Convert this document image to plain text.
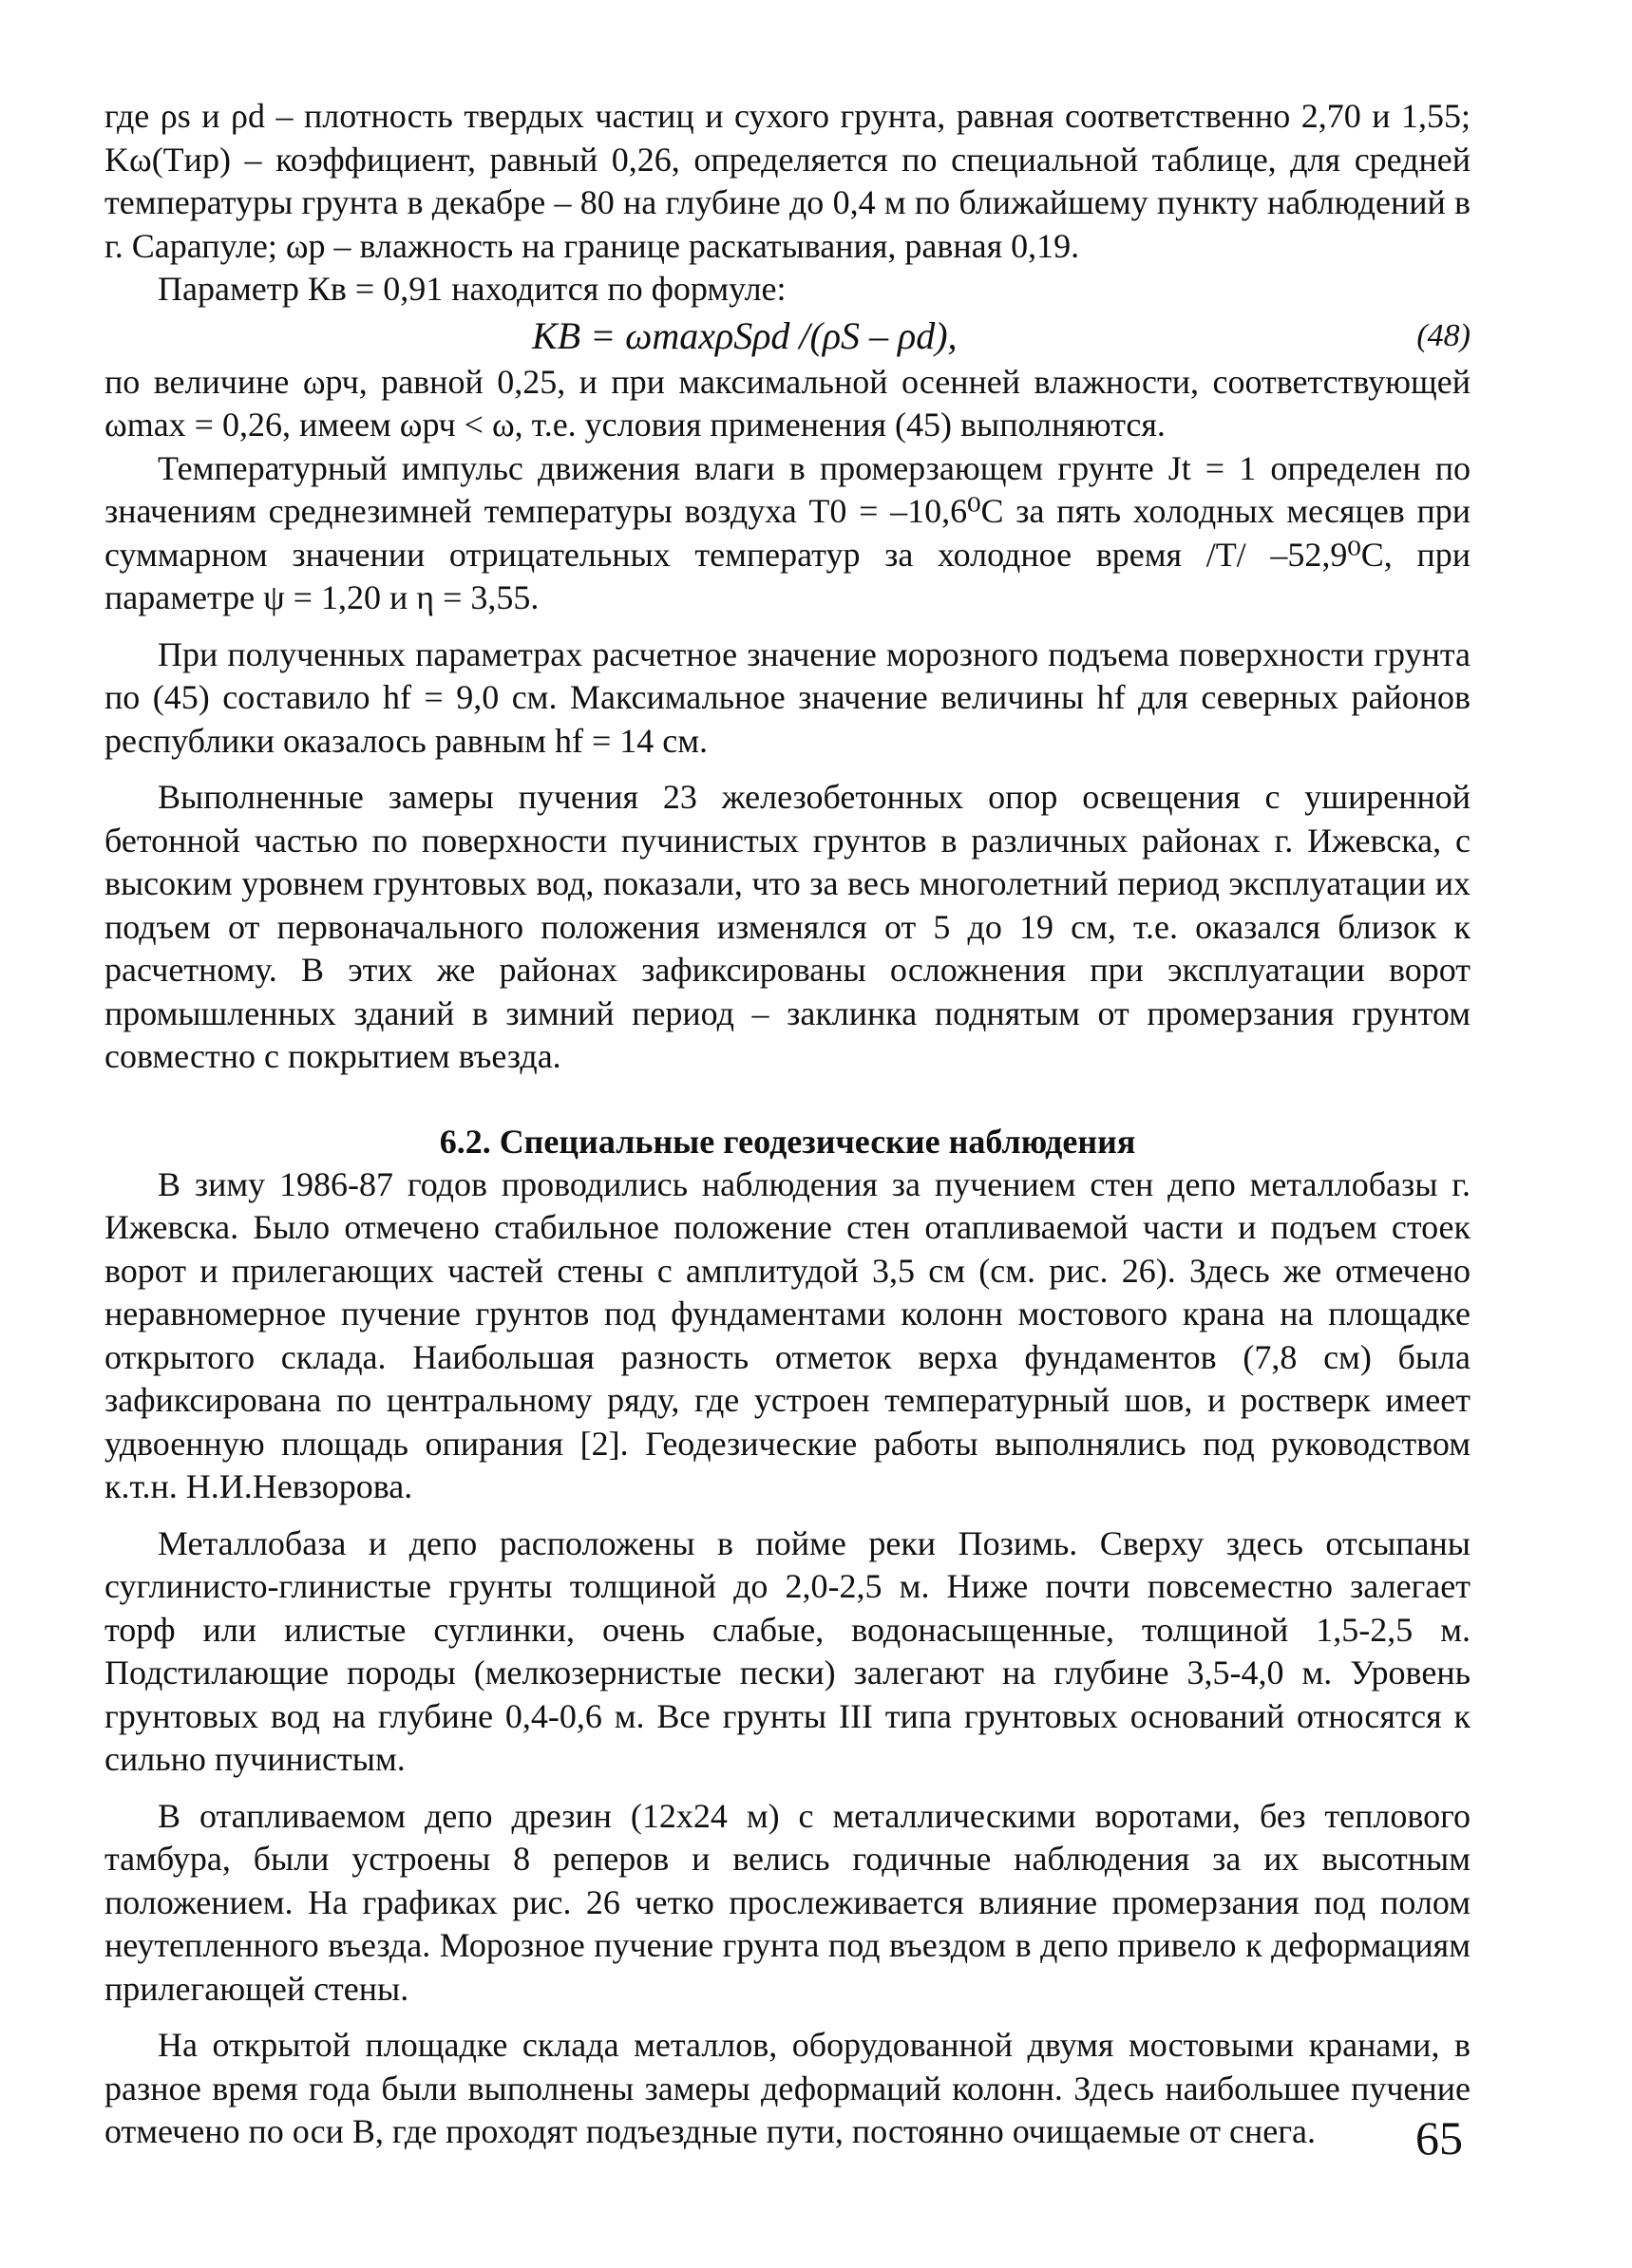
где ρs и ρd – плотность твердых частиц и сухого грунта, равная соответственно 2,70 и 1,55; Kω(Tир) – коэффициент, равный 0,26, определяется по специальной таблице, для средней температуры грунта в декабре – 80 на глубине до 0,4 м по ближайшему пункту наблюдений в г. Сарапуле; ωp – влажность на границе раскатывания, равная 0,19.

Параметр Кв = 0,91 находится по формуле:

KB = ωmaxρSρd /(ρS – ρd),	(48)

по величине ωрч, равной 0,25, и при максимальной осенней влажности, соответствующей ωmax = 0,26, имеем ωрч < ω, т.е. условия применения (45) выполняются.

Температурный импульс движения влаги в промерзающем грунте Jt = 1 определен по значениям среднезимней температуры воздуха T0 = –10,6⁰C за пять холодных месяцев при суммарном значении отрицательных температур за холодное время /T/ –52,9⁰C, при параметре ψ = 1,20 и η = 3,55.

При полученных параметрах расчетное значение морозного подъема поверхности грунта по (45) составило hf = 9,0 см. Максимальное значение величины hf для северных районов республики оказалось равным hf = 14 см.

Выполненные замеры пучения 23 железобетонных опор освещения с уширенной бетонной частью по поверхности пучинистых грунтов в различных районах г. Ижевска, с высоким уровнем грунтовых вод, показали, что за весь многолетний период эксплуатации их подъем от первоначального положения изменялся от 5 до 19 см, т.е. оказался близок к расчетному. В этих же районах зафиксированы осложнения при эксплуатации ворот промышленных зданий в зимний период – заклинка поднятым от промерзания грунтом совместно с покрытием въезда.

6.2. Специальные геодезические наблюдения

В зиму 1986-87 годов проводились наблюдения за пучением стен депо металлобазы г. Ижевска. Было отмечено стабильное положение стен отапливаемой части и подъем стоек ворот и прилегающих частей стены с амплитудой 3,5 см (см. рис. 26). Здесь же отмечено неравномерное пучение грунтов под фундаментами колонн мостового крана на площадке открытого склада. Наибольшая разность отметок верха фундаментов (7,8 см) была зафиксирована по центральному ряду, где устроен температурный шов, и ростверк имеет удвоенную площадь опирания [2]. Геодезические работы выполнялись под руководством к.т.н. Н.И.Невзорова.

Металлобаза и депо расположены в пойме реки Позимь. Сверху здесь отсыпаны суглинисто-глинистые грунты толщиной до 2,0-2,5 м. Ниже почти повсеместно залегает торф или илистые суглинки, очень слабые, водонасыщенные, толщиной 1,5-2,5 м. Подстилающие породы (мелкозернистые пески) залегают на глубине 3,5-4,0 м. Уровень грунтовых вод на глубине 0,4-0,6 м. Все грунты III типа грунтовых оснований относятся к сильно пучинистым.

В отапливаемом депо дрезин (12х24 м) с металлическими воротами, без теплового тамбура, были устроены 8 реперов и велись годичные наблюдения за их высотным положением. На графиках рис. 26 четко прослеживается влияние промерзания под полом неутепленного въезда. Морозное пучение грунта под въездом в депо привело к деформациям прилегающей стены.

На открытой площадке склада металлов, оборудованной двумя мостовыми кранами, в разное время года были выполнены замеры деформаций колонн. Здесь наибольшее пучение отмечено по оси В, где проходят подъездные пути, постоянно очищаемые от снега.	65
